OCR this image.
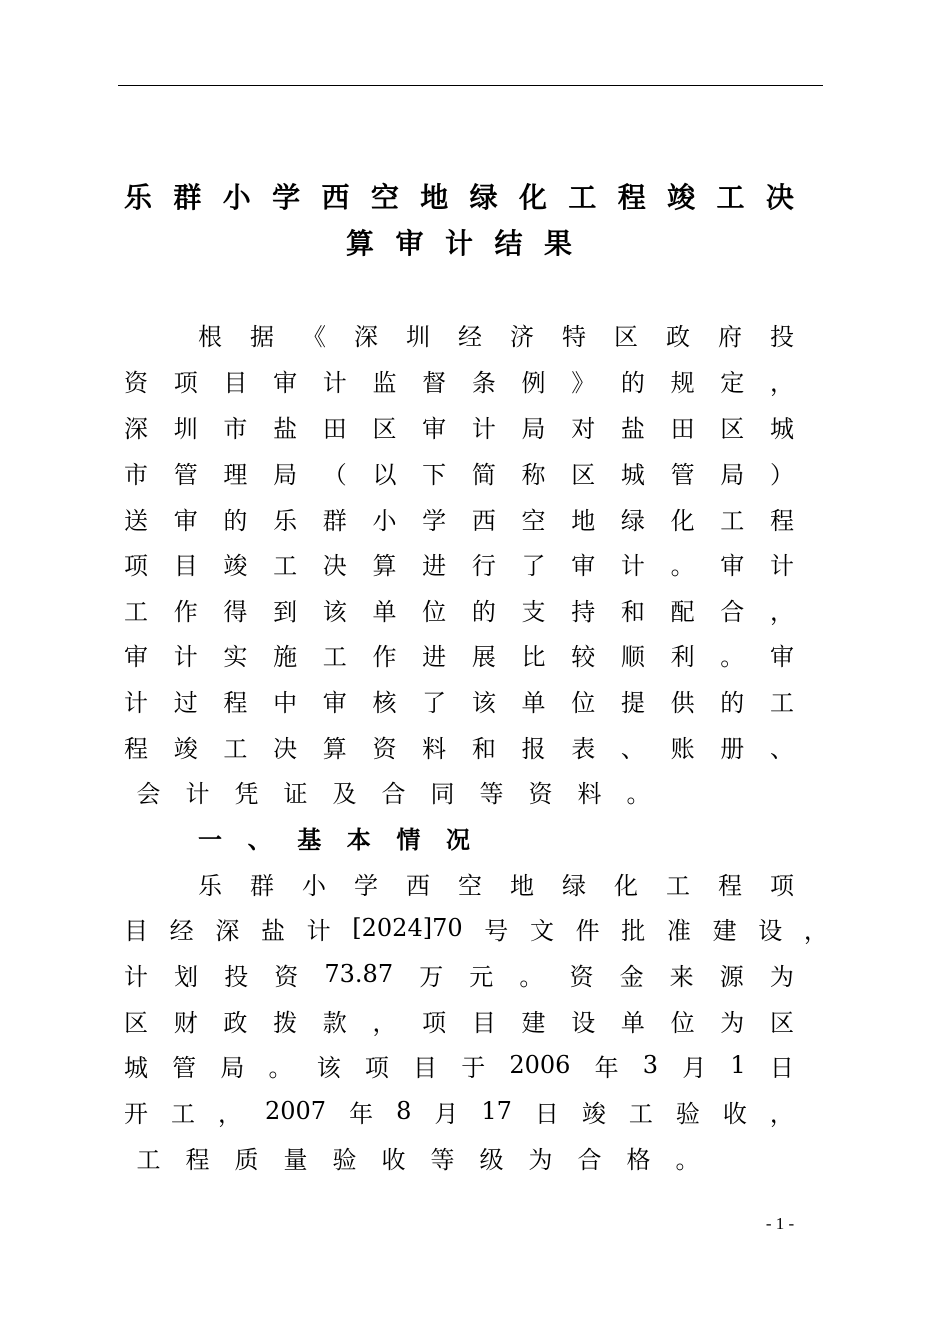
乐 群 小 学 西 空 地 绿 化 工 程 竣 工 决
算 审 计 结 果
根 据 《 深 圳 经 济 特 区 政 府 投
资 项 目 审 计 监 督 条 例 》 的 规 定 ，
深 圳 市 盐 田 区 审 计 局 对 盐 田 区 城
市 管 理 局 （ 以 下 简 称 区 城 管 局 ）
送 审 的 乐 群 小 学 西 空 地 绿 化 工 程
项 目 竣 工 决 算 进 行 了 审 计 。 审 计
工 作 得 到 该 单 位 的 支 持 和 配 合 ，
审 计 实 施 工 作 进 展 比 较 顺 利 。 审
计 过 程 中 审 核 了 该 单 位 提 供 的 工
程 竣 工 决 算 资 料 和 报 表 、 账 册 、
会	计	凭	证	及	合	同	等	资	料	。
一 、 基 本 情 况
乐 群 小 学 西 空 地 绿 化 工 程 项
目 经 深 盐 计 [2024]70 号 文 件 批 准 建 设 ，
计 划 投 资 73.87 万 元 。 资 金 来 源 为
区 财 政 拨 款 ， 项 目 建 设 单 位 为 区
城 管 局 。 该 项 目 于 2006 年 3 月 1 日
开 工 ， 2007 年 8 月 17 日 竣 工 验 收 ，
工	程	质	量	验	收	等	级	为	合	格	。
- 1 -
